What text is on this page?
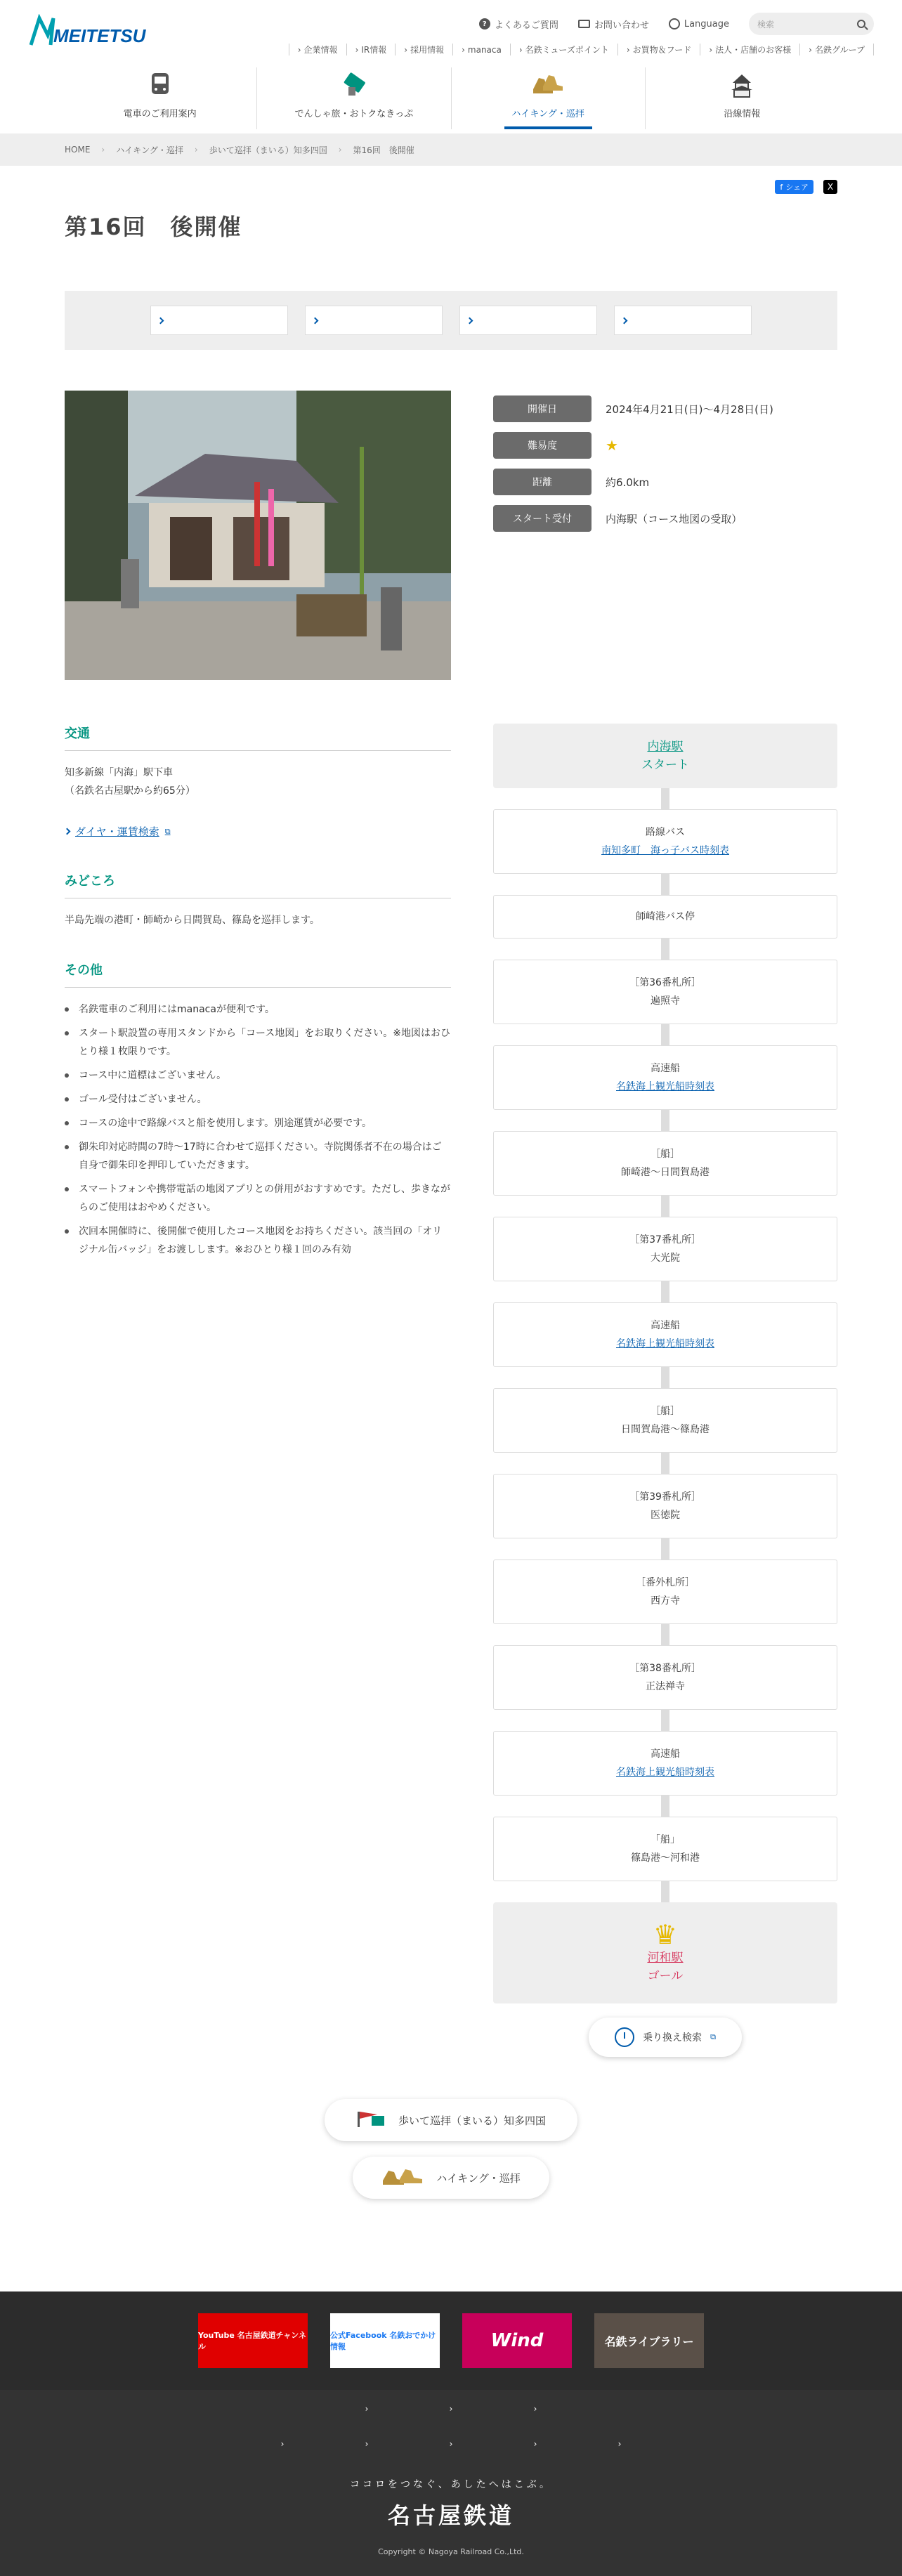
MEITETSU
? よくあるご質問	お問い合わせ	Language	検索
› 企業情報	› IR情報	› 採用情報	› manaca	› 名鉄ミューズポイント	› お買物＆フード	› 法人・店舗のお客様	› 名鉄グループ
電車のご利用案内	でんしゃ旅・おトクなきっぷ	ハイキング・巡拝	沿線情報
HOME › ハイキング・巡拝 › 歩いて巡拝（まいる）知多四国 › 第16回　後開催
f シェア	X
第16回　後開催

開催日	2024年4月21日(日)〜4月28日(日)
難易度	★
距離	約6.0km
スタート受付	内海駅（コース地図の受取）
交通

知多新線「内海」駅下車

（名鉄名古屋駅から約65分）

ダイヤ・運賃検索 ⧉
みどころ

半島先端の港町・師崎から日間賀島、篠島を巡拝します。

その他
名鉄電車のご利用にはmanacaが便利です。
スタート駅設置の専用スタンドから「コース地図」をお取りください。※地図はおひとり様１枚限りです。
コース中に道標はございません。
ゴール受付はございません。
コースの途中で路線バスと船を使用します。別途運賃が必要です。
御朱印対応時間の7時〜17時に合わせて巡拝ください。寺院関係者不在の場合はご自身で御朱印を押印していただきます。
スマートフォンや携帯電話の地図アプリとの併用がおすすめです。ただし、歩きながらのご使用はおやめください。
次回本開催時に、後開催で使用したコース地図をお持ちください。該当回の「オリジナル缶バッジ」をお渡しします。※おひとり様１回のみ有効
内海駅
スタート
路線バス
南知多町　海っ子バス時刻表
師崎港バス停
［第36番札所］
遍照寺
高速船
名鉄海上観光船時刻表
［船］
師崎港〜日間賀島港
［第37番札所］
大光院
高速船
名鉄海上観光船時刻表
［船］
日間賀島港〜篠島港
［第39番札所］
医徳院
［番外札所］
西方寺
［第38番札所］
正法禅寺
高速船
名鉄海上観光船時刻表
「船」
篠島港〜河和港
♛
河和駅
ゴール
乗り換え検索 ⧉
歩いて巡拝（まいる）知多四国
ハイキング・巡拝
YouTube 名古屋鉄道チャンネル
公式Facebook 名鉄おでかけ情報	Wind	名鉄ライブラリー
›	›	›
›	›	›	›	›
ココロをつなぐ、あしたへはこぶ。
名古屋鉄道
Copyright © Nagoya Railroad Co.,Ltd.
